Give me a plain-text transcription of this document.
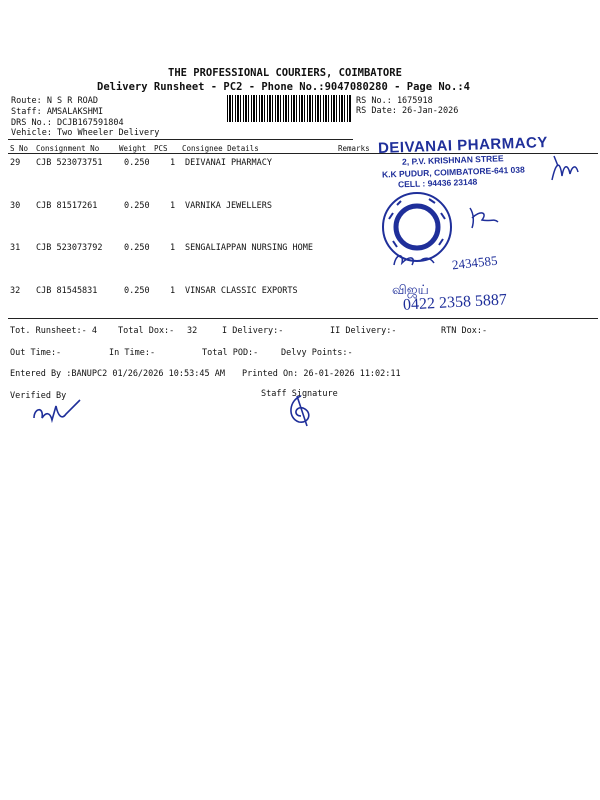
THE PROFESSIONAL COURIERS, COIMBATORE
Delivery Runsheet - PC2 - Phone No.:9047080280 - Page No.:4
Route: N S R ROAD
Staff: AMSALAKSHMI
DRS No.: DCJB167591804
Vehicle: Two Wheeler Delivery
RS No.: 1675918
RS Date: 26-Jan-2026
S No Consignment No	Weight PCS Consignee Details	Remarks
29 CJB 523073751	0.250 1 DEIVANAI PHARMACY
30 CJB 81517261	0.250 1 VARNIKA JEWELLERS
31 CJB 523073792	0.250 1 SENGALIAPPAN NURSING HOME
32 CJB 81545831	0.250 1 VINSAR CLASSIC EXPORTS
Tot. Runsheet:- 4 Total Dox:- 32	I Delivery:-	II Delivery:-	RTN Dox:-
Out Time:-	In Time:-	Total POD:-	Delvy Points:-
Entered By :BANUPC2 01/26/2026 10:53:45 AM Printed On: 26-01-2026 11:02:11
Verified By	Staff Signature
DEIVANAI PHARMACY
2, P.V. KRISHNAN STREE
K.K PUDUR, COIMBATORE-641 038
CELL : 94436 23148
2434585
விஜய்
0422 2358 5887
